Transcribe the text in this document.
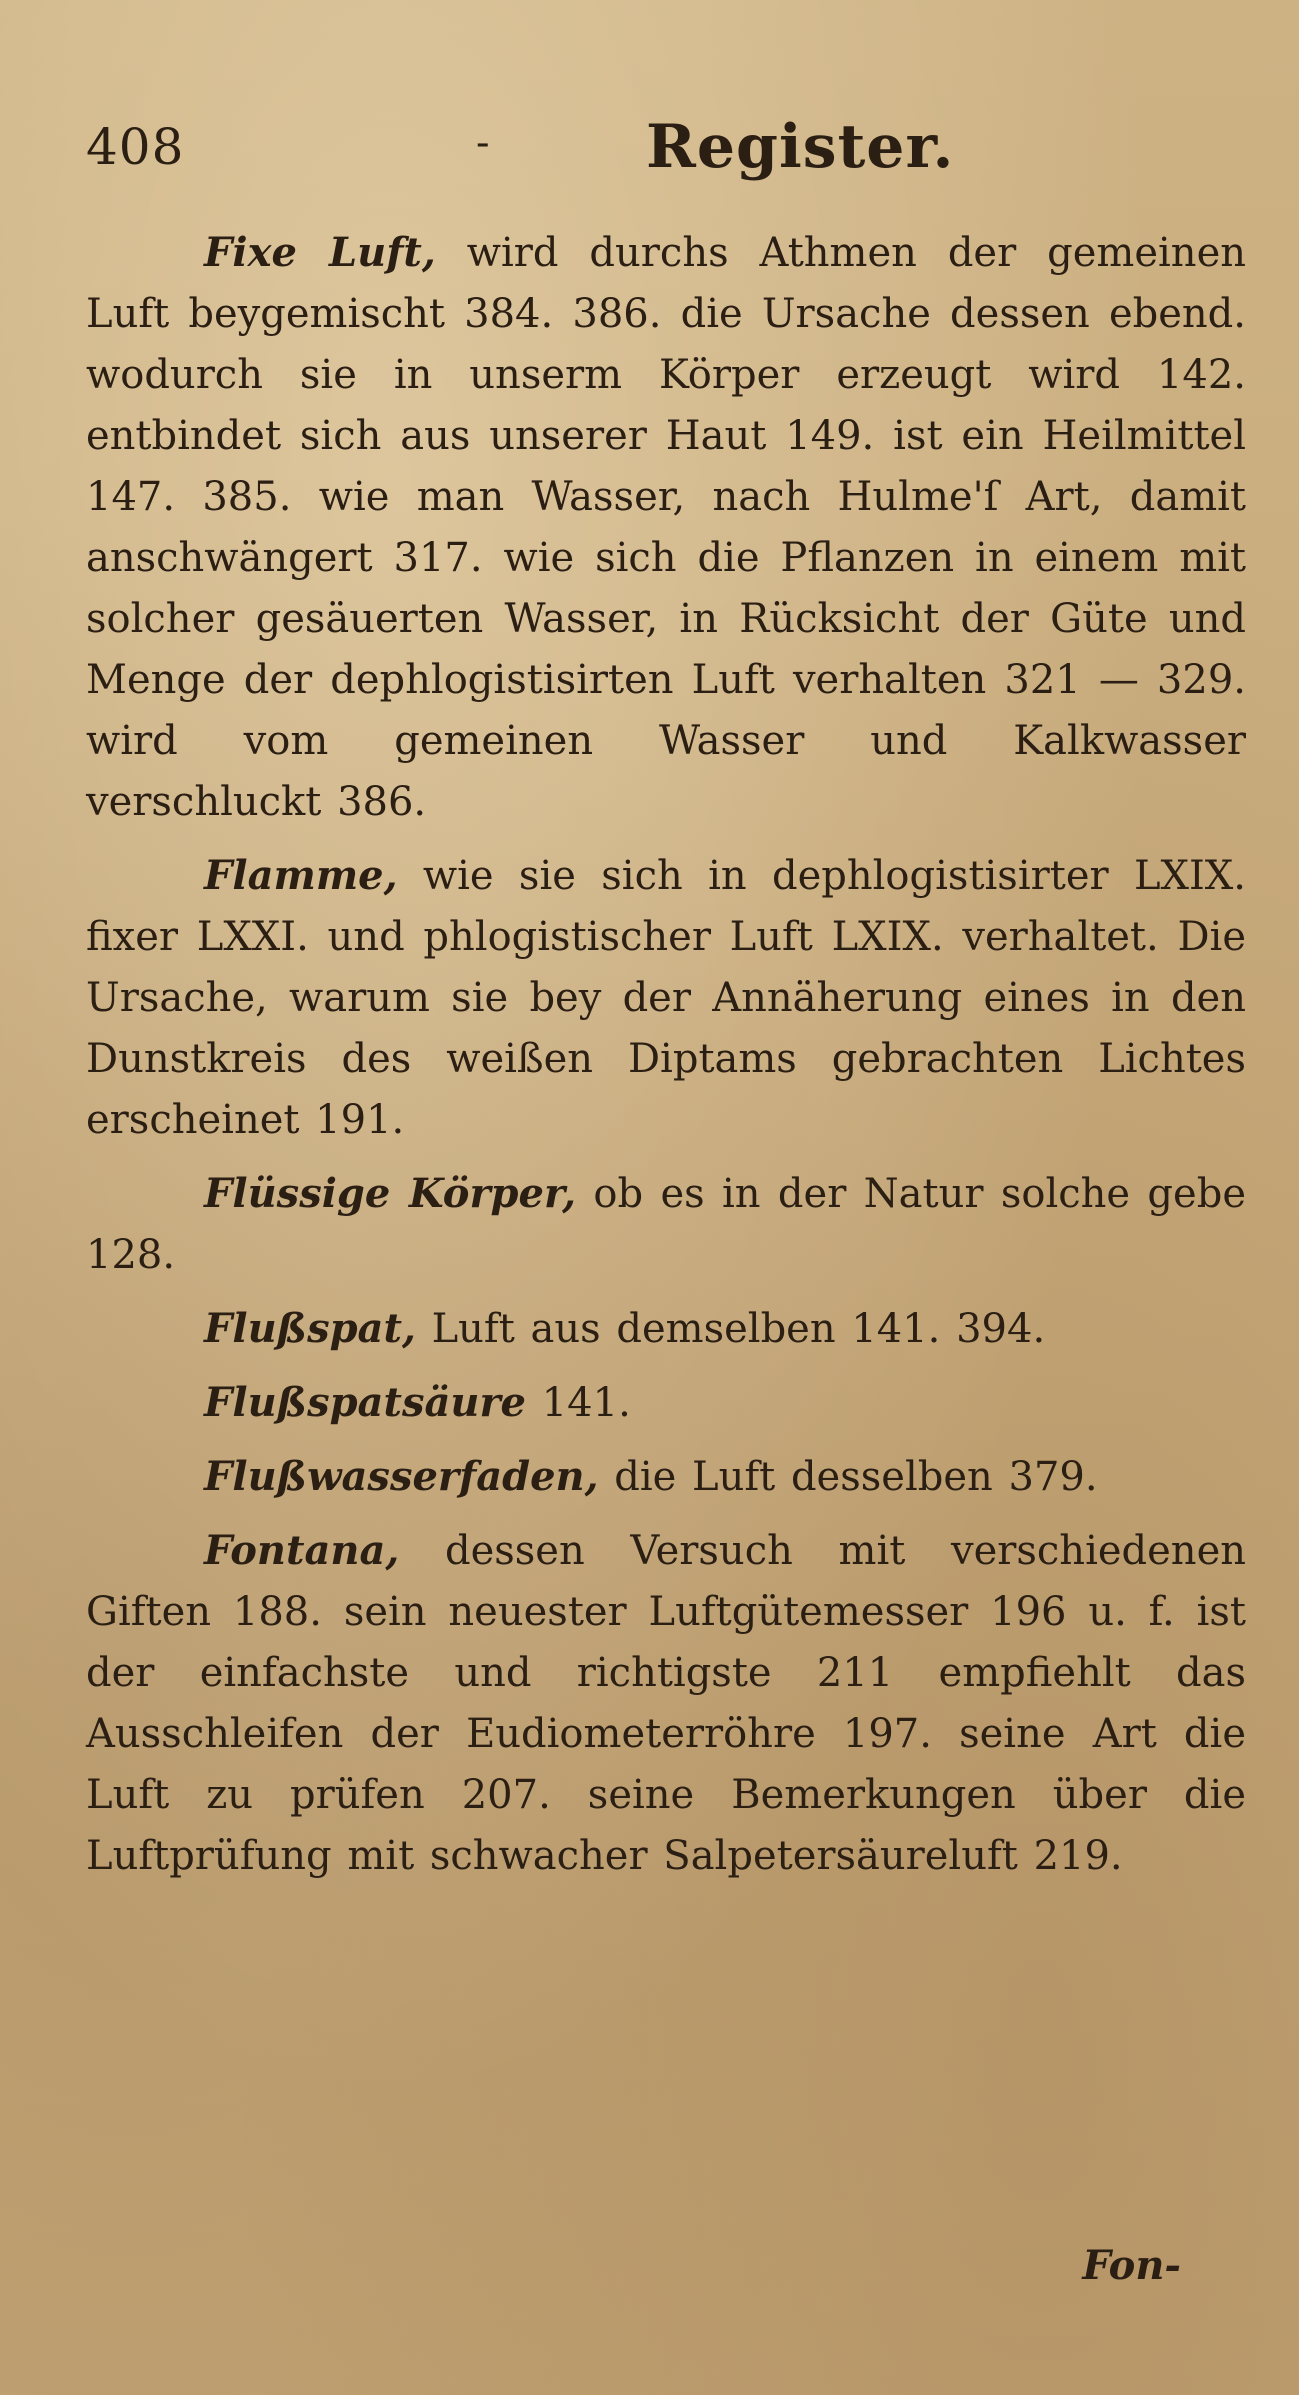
408	-	Register.

Fixe Luft, wird durchs Athmen der gemeinen Luft beygemischt 384. 386. die Ursache dessen ebend. wodurch sie in unserm Körper erzeugt wird 142. entbindet sich aus unserer Haut 149. ist ein Heilmittel 147. 385. wie man Wasser, nach Hulme'ſ Art, damit anschwängert 317. wie sich die Pflanzen in einem mit solcher gesäuerten Wasser, in Rücksicht der Güte und Menge der dephlogistisirten Luft verhalten 321 — 329. wird vom gemeinen Wasser und Kalkwasser verschluckt 386.

Flamme, wie sie sich in dephlogistisirter LXIX. fixer LXXI. und phlogistischer Luft LXIX. verhaltet. Die Ursache, warum sie bey der Annäherung eines in den Dunstkreis des weißen Diptams gebrachten Lichtes erscheinet 191.

Flüssige Körper, ob es in der Natur solche gebe 128.

Flußspat, Luft aus demselben 141. 394.

Flußspatsäure 141.

Flußwasserfaden, die Luft desselben 379.

Fontana, dessen Versuch mit verschiedenen Giften 188. sein neuester Luftgütemesser 196 u. f. ist der einfachste und richtigste 211 empfiehlt das Ausschleifen der Eudiometerröhre 197. seine Art die Luft zu prüfen 207. seine Bemerkungen über die Luftprüfung mit schwacher Salpetersäureluft 219.

Fon-
